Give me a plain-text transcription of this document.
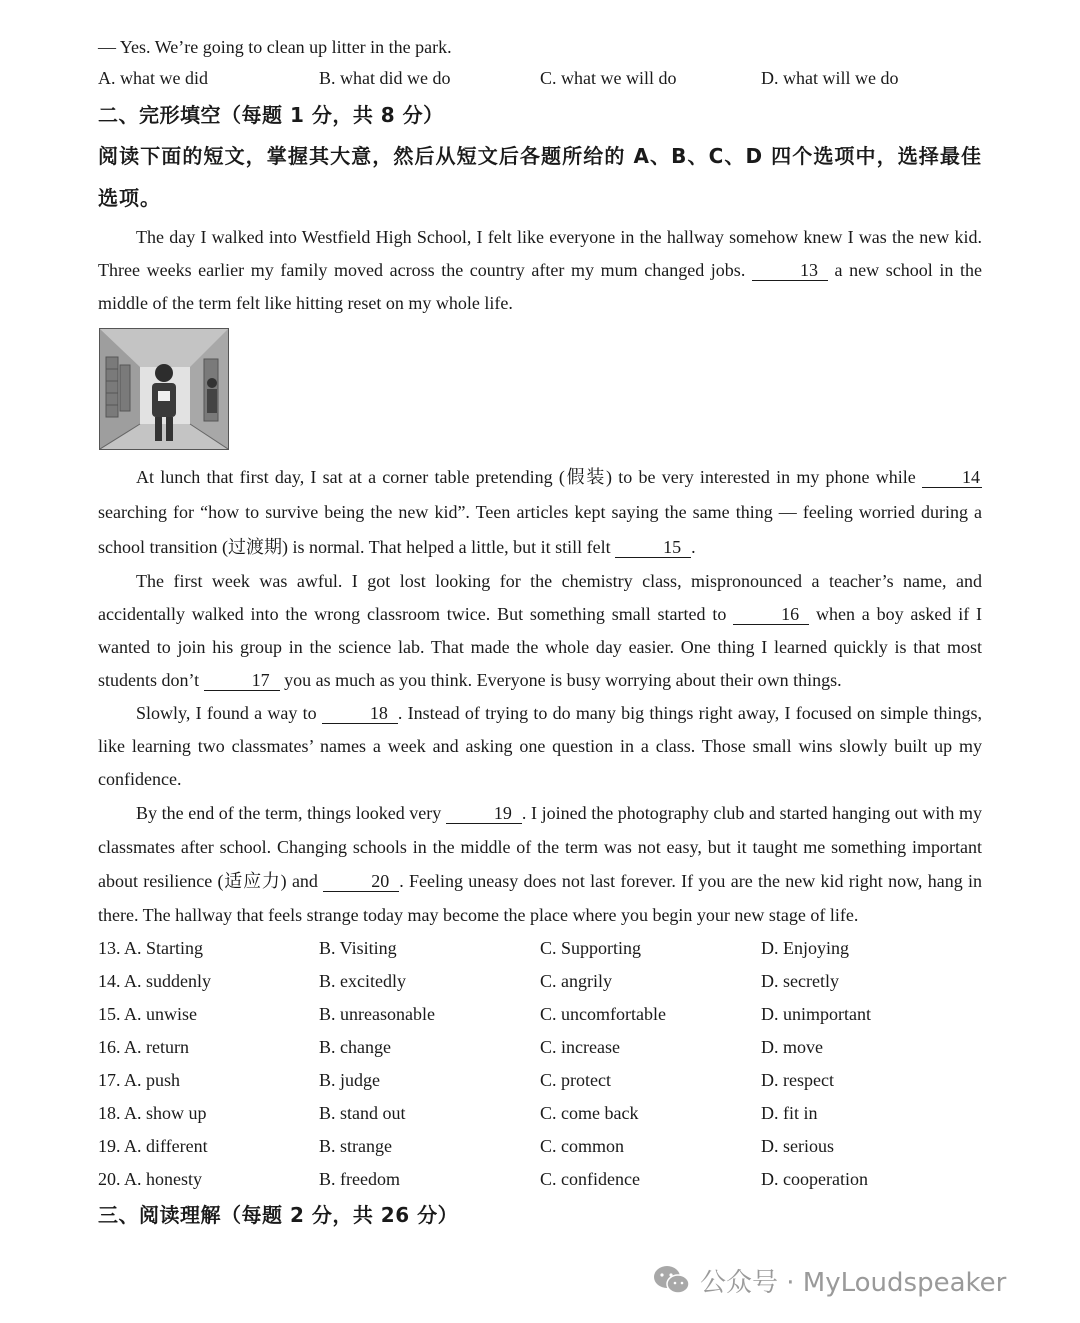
— Yes. We’re going to clean up litter in the park.
A. what we did	B. what did we do	C. what we will do	D. what will we do
二、完形填空（每题 1 分，共 8 分）
阅读下面的短文，掌握其大意，然后从短文后各题所给的 A、B、C、D 四个选项中，选择最佳选项。

The day I walked into Westfield High School, I felt like everyone in the hallway somehow knew I was the new kid. Three weeks earlier my family moved across the country after my mum changed jobs.	13 a new school in the middle of the term felt like hitting reset on my whole life.

At lunch that first day, I sat at a corner table pretending (假装) to be very interested in my phone while 14 searching for “how to survive being the new kid”. Teen articles kept saying the same thing — feeling worried during a school transition (过渡期) is normal. That helped a little, but it still felt	15 .

The first week was awful. I got lost looking for the chemistry class, mispronounced a teacher’s name, and accidentally walked into the wrong classroom twice. But something small started to	16 when a boy asked if I wanted to join his group in the science lab. That made the whole day easier. One thing I learned quickly is that most students don’t	17 you as much as you think. Everyone is busy worrying about their own things.

Slowly, I found a way to	18 . Instead of trying to do many big things right away, I focused on simple things, like learning two classmates’ names a week and asking one question in a class. Those small wins slowly built up my confidence.

By the end of the term, things looked very	19 . I joined the photography club and started hanging out with my classmates after school. Changing schools in the middle of the term was not easy, but it taught me something important about resilience (适应力) and	20 . Feeling uneasy does not last forever. If you are the new kid right now, hang in there. The hallway that feels strange today may become the place where you begin your new stage of life.

13. A. Starting	B. Visiting	C. Supporting	D. Enjoying
14. A. suddenly	B. excitedly	C. angrily	D. secretly
15. A. unwise	B. unreasonable	C. uncomfortable	D. unimportant
16. A. return	B. change	C. increase	D. move
17. A. push	B. judge	C. protect	D. respect
18. A. show up	B. stand out	C. come back	D. fit in
19. A. different	B. strange	C. common	D. serious
20. A. honesty	B. freedom	C. confidence	D. cooperation
三、阅读理解（每题 2 分，共 26 分）
公众号 · MyLoudspeaker
